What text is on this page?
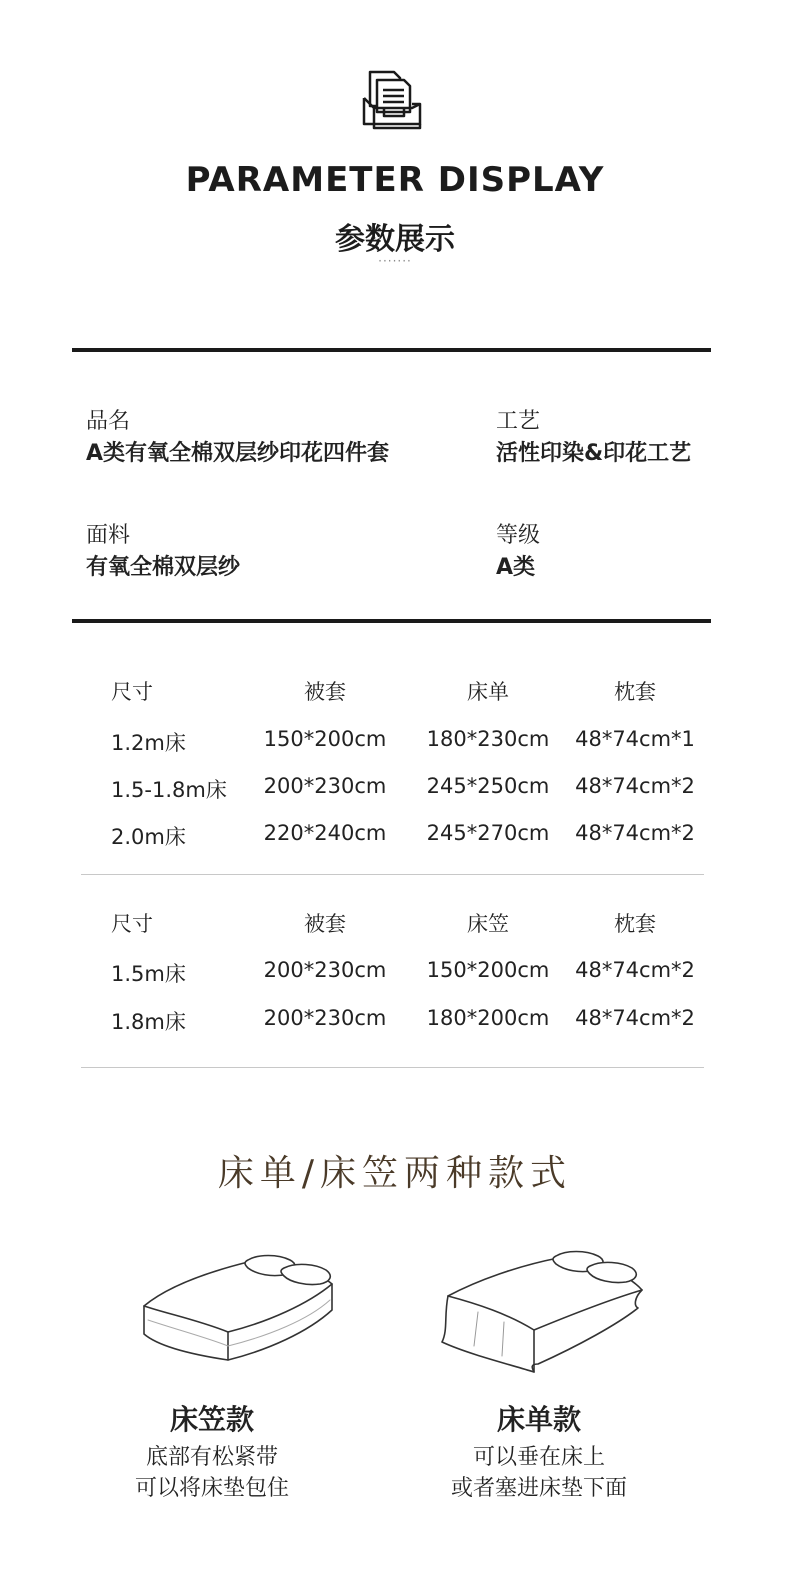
PARAMETER DISPLAY
参数展示
·······
品名
A类有氧全棉双层纱印花四件套
工艺
活性印染&印花工艺
面料
有氧全棉双层纱
等级
A类
尺寸	被套	床单	枕套
1.2m床	150*200cm 180*230cm 48*74cm*1
1.5-1.8m床 200*230cm 245*250cm 48*74cm*2
2.0m床	220*240cm 245*270cm 48*74cm*2
尺寸	被套	床笠	枕套
1.5m床	200*230cm 150*200cm 48*74cm*2
1.8m床	200*230cm 180*200cm 48*74cm*2
床单/床笠两种款式
床笠款
底部有松紧带
可以将床垫包住
床单款
可以垂在床上
或者塞进床垫下面
